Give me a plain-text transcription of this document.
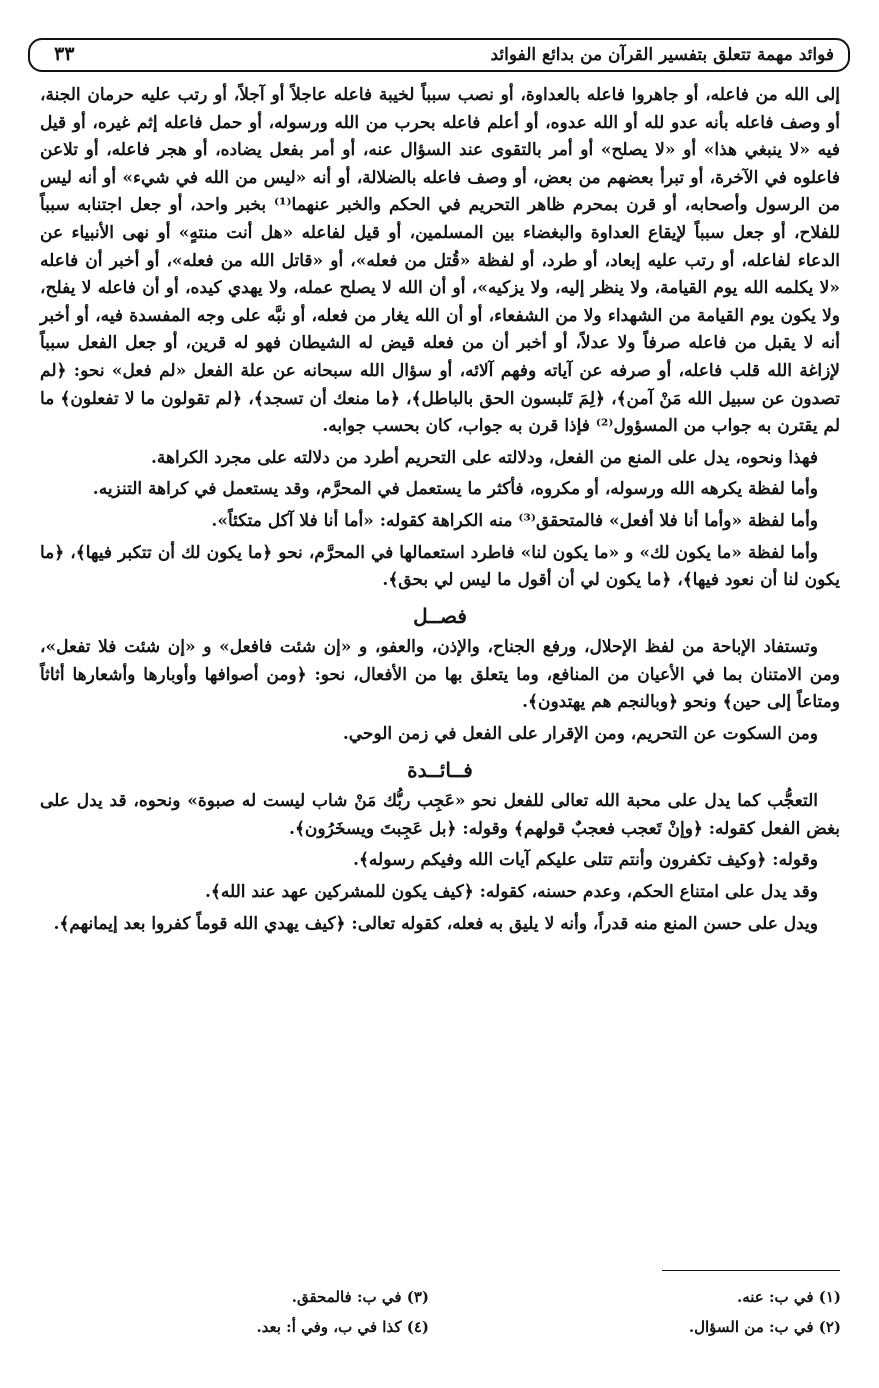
فوائد مهمة تتعلق بتفسير القرآن من بدائع الفوائد
٣٣

إلى الله من فاعله، أو جاهروا فاعله بالعداوة، أو نصب سبباً لخيبة فاعله عاجلاً أو آجلاً، أو رتب عليه حرمان الجنة، أو وصف فاعله بأنه عدو لله أو الله عدوه، أو أعلم فاعله بحرب من الله ورسوله، أو حمل فاعله إثم غيره، أو قيل فيه «لا ينبغي هذا» أو «لا يصلح» أو أمر بالتقوى عند السؤال عنه، أو أمر بفعل يضاده، أو هجر فاعله، أو تلاعن فاعلوه في الآخرة، أو تبرأ بعضهم من بعض، أو وصف فاعله بالضلالة، أو أنه «ليس من الله في شيء» أو أنه ليس من الرسول وأصحابه، أو قرن بمحرم ظاهر التحريم في الحكم والخبر عنهما⁽¹⁾ بخبر واحد، أو جعل اجتنابه سبباً للفلاح، أو جعل سبباً لإيقاع العداوة والبغضاء بين المسلمين، أو قيل لفاعله «هل أنت منتهٍ» أو نهى الأنبياء عن الدعاء لفاعله، أو رتب عليه إبعاد، أو طرد، أو لفظة «قُتل من فعله»، أو «قاتل الله من فعله»، أو أخبر أن فاعله «لا يكلمه الله يوم القيامة، ولا ينظر إليه، ولا يزكيه»، أو أن الله لا يصلح عمله، ولا يهدي كيده، أو أن فاعله لا يفلح، ولا يكون يوم القيامة من الشهداء ولا من الشفعاء، أو أن الله يغار من فعله، أو نبَّه على وجه المفسدة فيه، أو أخبر أنه لا يقبل من فاعله صرفاً ولا عدلاً، أو أخبر أن من فعله قيض له الشيطان فهو له قرين، أو جعل الفعل سبباً لإزاغة الله قلب فاعله، أو صرفه عن آياته وفهم آلائه، أو سؤال الله سبحانه عن علة الفعل «لم فعل» نحو: ﴿لم تصدون عن سبيل الله مَنْ آمن﴾، ﴿لِمَ تَلبسون الحق بالباطل﴾، ﴿ما منعك أن تسجد﴾، ﴿لم تقولون ما لا تفعلون﴾ ما لم يقترن به جواب من المسؤول⁽²⁾ فإذا قرن به جواب، كان بحسب جوابه.

فهذا ونحوه، يدل على المنع من الفعل، ودلالته على التحريم أطرد من دلالته على مجرد الكراهة.

وأما لفظة يكرهه الله ورسوله، أو مكروه، فأكثر ما يستعمل في المحرَّم، وقد يستعمل في كراهة التنزيه.

وأما لفظة «وأما أنا فلا أفعل» فالمتحقق⁽³⁾ منه الكراهة كقوله: «أما أنا فلا آكل متكئاً».

وأما لفظة «ما يكون لك» و «ما يكون لنا» فاطرد استعمالها في المحرَّم، نحو ﴿ما يكون لك أن تتكبر فيها﴾، ﴿ما يكون لنا أن نعود فيها﴾، ﴿ما يكون لي أن أقول ما ليس لي بحق﴾.

فصــل

وتستفاد الإباحة من لفظ الإحلال، ورفع الجناح، والإذن، والعفو، و «إن شئت فافعل» و «إن شئت فلا تفعل»، ومن الامتنان بما في الأعيان من المنافع، وما يتعلق بها من الأفعال، نحو: ﴿ومن أصوافها وأوبارها وأشعارها أثاثاً ومتاعاً إلى حين﴾ ونحو ﴿وبالنجم هم يهتدون﴾.

ومن السكوت عن التحريم، ومن الإقرار على الفعل في زمن الوحي.

فــائــدة

التعجُّب كما يدل على محبة الله تعالى للفعل نحو «عَجِب ربُّك مَنْ شاب ليست له صبوة» ونحوه، قد يدل على بغض الفعل كقوله: ﴿وإنْ تَعجب فعجبٌ قولهم﴾ وقوله: ﴿بل عَجِبتَ ويسخَرُون﴾.

وقوله: ﴿وكيف تكفرون وأنتم تتلى عليكم آيات الله وفيكم رسوله﴾.

وقد يدل على امتناع الحكم، وعدم حسنه، كقوله: ﴿كيف يكون للمشركين عهد عند الله﴾.

ويدل على حسن المنع منه قدراً، وأنه لا يليق به فعله، كقوله تعالى: ﴿كيف يهدي الله قوماً كفروا بعد إيمانهم﴾.

(١) في ب: عنه.
(٢) في ب: من السؤال.
(٣) في ب: فالمحقق.
(٤) كذا في ب، وفي أ: بعد.
